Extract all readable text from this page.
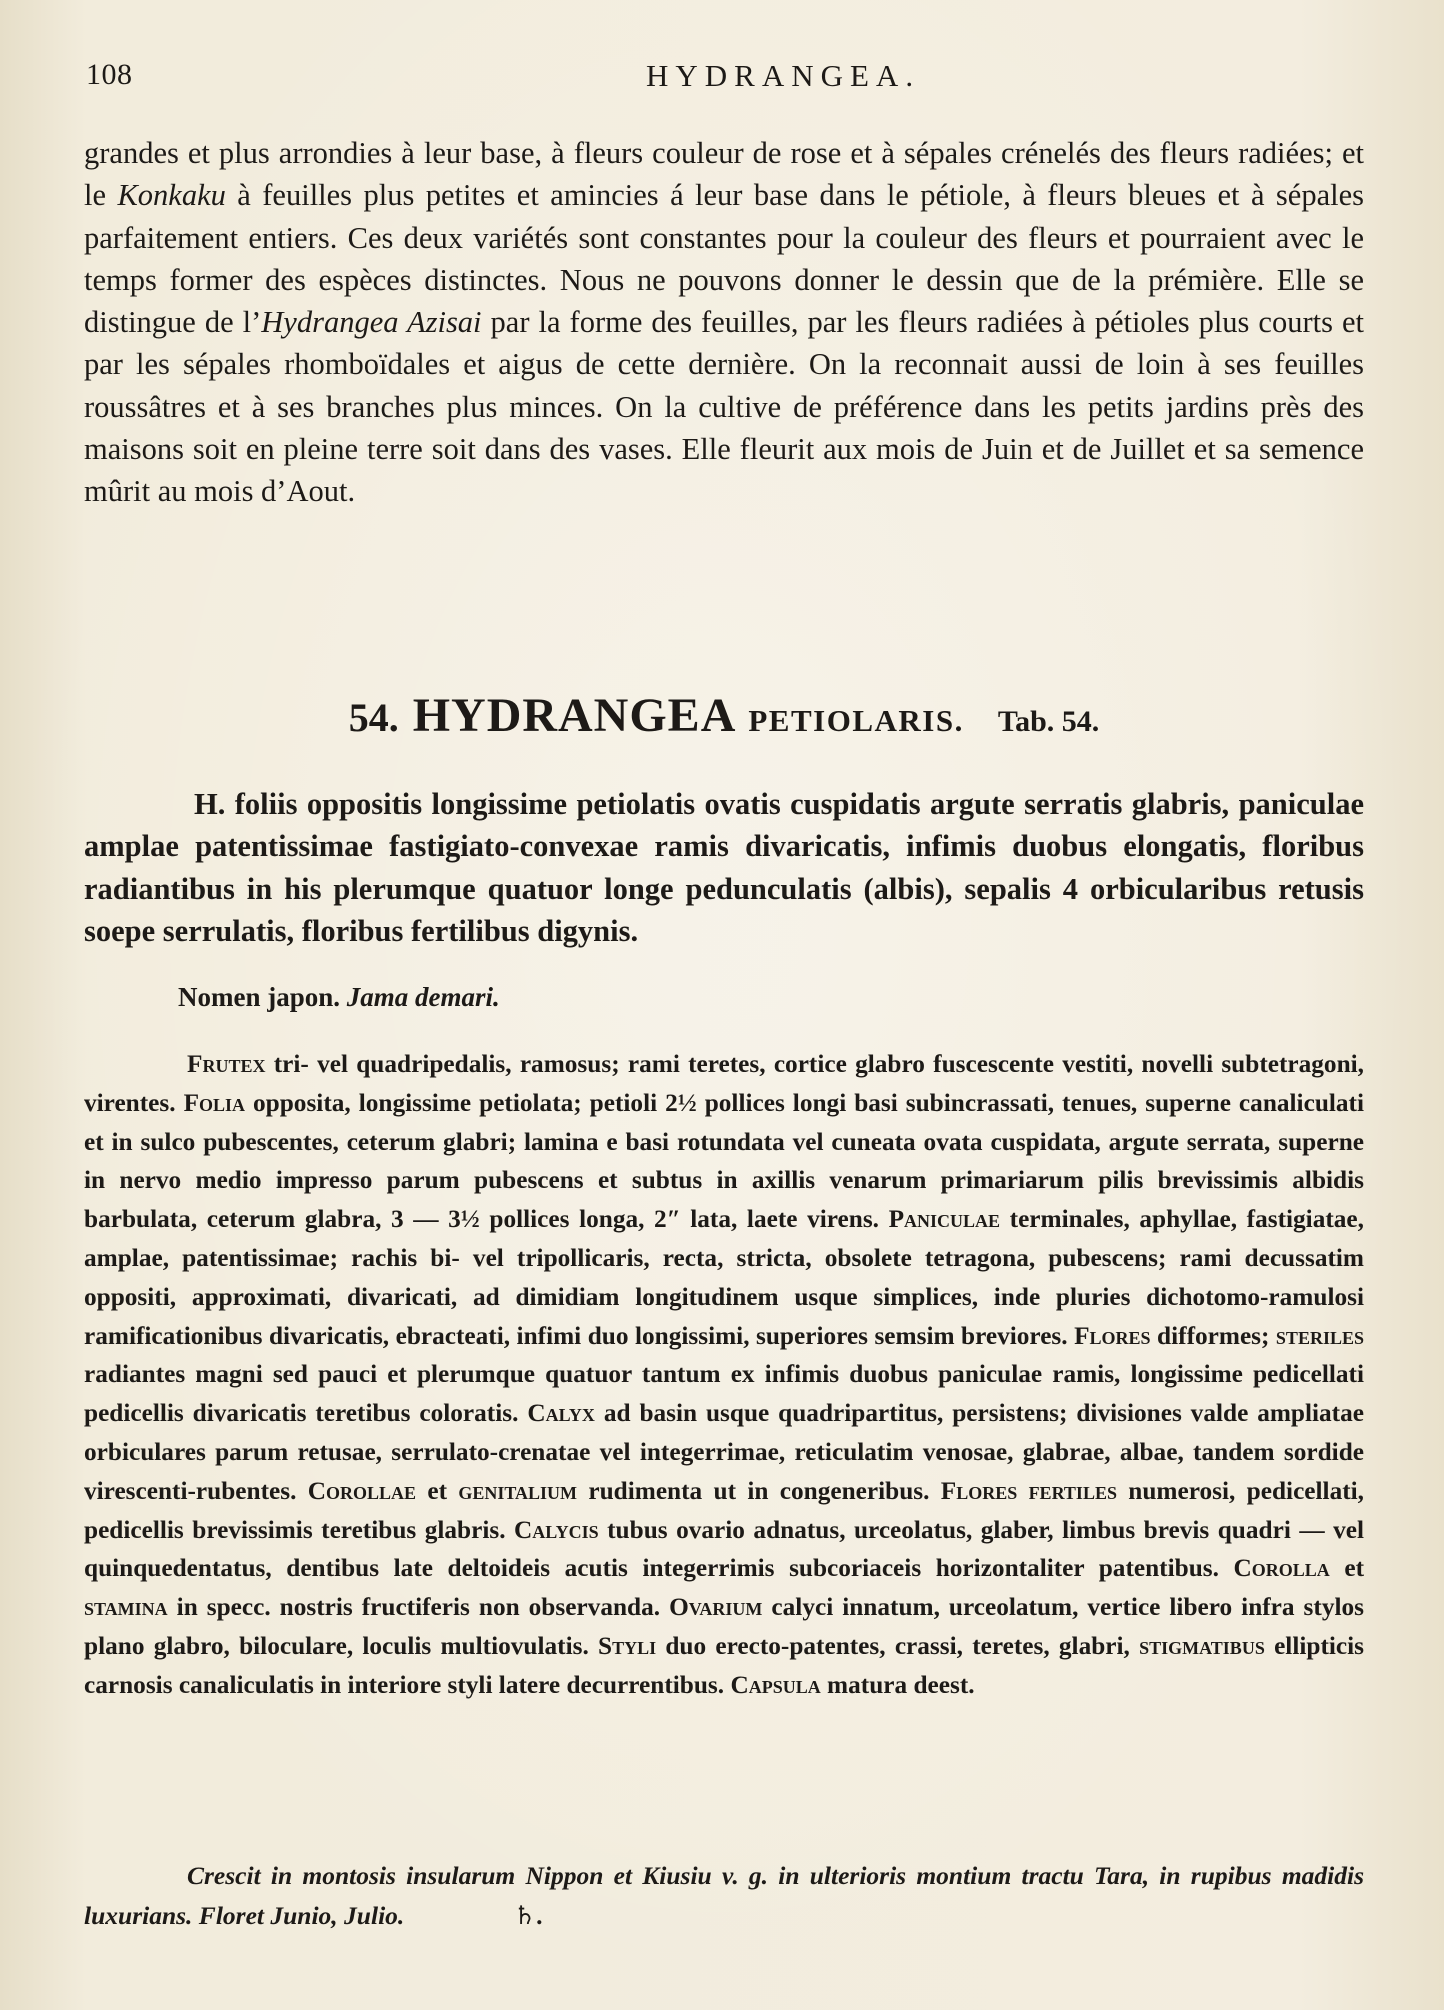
108	HYDRANGEA.

grandes et plus arrondies à leur base, à fleurs couleur de rose et à sépales crénelés des fleurs radiées; et le Konkaku à feuilles plus petites et amincies á leur base dans le pétiole, à fleurs bleues et à sépales parfaitement entiers. Ces deux variétés sont constantes pour la couleur des fleurs et pourraient avec le temps former des espèces distinctes. Nous ne pouvons donner le dessin que de la prémière. Elle se distingue de l’Hydrangea Azisai par la forme des feuilles, par les fleurs radiées à pétioles plus courts et par les sépales rhomboïdales et aigus de cette dernière. On la reconnait aussi de loin à ses feuilles roussâtres et à ses branches plus minces. On la cultive de préférence dans les petits jardins près des maisons soit en pleine terre soit dans des vases. Elle fleurit aux mois de Juin et de Juillet et sa semence mûrit au mois d’Aout.

54. HYDRANGEA PETIOLARIS. Tab. 54.

H. foliis oppositis longissime petiolatis ovatis cuspidatis argute serratis glabris, paniculae amplae patentissimae fastigiato-convexae ramis divaricatis, infimis duobus elongatis, floribus radiantibus in his plerumque quatuor longe pedunculatis (albis), sepalis 4 orbicularibus retusis soepe serrulatis, floribus fertilibus digynis.

Nomen japon. Jama demari.

Frutex tri- vel quadripedalis, ramosus; rami teretes, cortice glabro fuscescente vestiti, novelli subtetragoni, virentes. Folia opposita, longissime petiolata; petioli 2½ pollices longi basi subincrassati, tenues, superne canaliculati et in sulco pubescentes, ceterum glabri; lamina e basi rotundata vel cuneata ovata cuspidata, argute serrata, superne in nervo medio impresso parum pubescens et subtus in axillis venarum primariarum pilis brevissimis albidis barbulata, ceterum glabra, 3 — 3½ pollices longa, 2″ lata, laete virens. Paniculae terminales, aphyllae, fastigiatae, amplae, patentissimae; rachis bi- vel tripollicaris, recta, stricta, obsolete tetragona, pubescens; rami decussatim oppositi, approximati, divaricati, ad dimidiam longitudinem usque simplices, inde pluries dichotomo-ramulosi ramificationibus divaricatis, ebracteati, infimi duo longissimi, superiores semsim breviores. Flores difformes; steriles radiantes magni sed pauci et plerumque quatuor tantum ex infimis duobus paniculae ramis, longissime pedicellati pedicellis divaricatis teretibus coloratis. Calyx ad basin usque quadripartitus, persistens; divisiones valde ampliatae orbiculares parum retusae, serrulato-crenatae vel integerrimae, reticulatim venosae, glabrae, albae, tandem sordide virescenti-rubentes. Corollae et genitalium rudimenta ut in congeneribus. Flores fertiles numerosi, pedicellati, pedicellis brevissimis teretibus glabris. Calycis tubus ovario adnatus, urceolatus, glaber, limbus brevis quadri — vel quinquedentatus, dentibus late deltoideis acutis integerrimis subcoriaceis horizontaliter patentibus. Corolla et stamina in specc. nostris fructiferis non observanda. Ovarium calyci innatum, urceolatum, vertice libero infra stylos plano glabro, biloculare, loculis multiovulatis. Styli duo erecto-patentes, crassi, teretes, glabri, stigmatibus ellipticis carnosis canaliculatis in interiore styli latere decurrentibus. Capsula matura deest.

Crescit in montosis insularum Nippon et Kiusiu v. g. in ulterioris montium tractu Tara, in rupibus madidis luxurians. Floret Junio, Julio.	♄.
